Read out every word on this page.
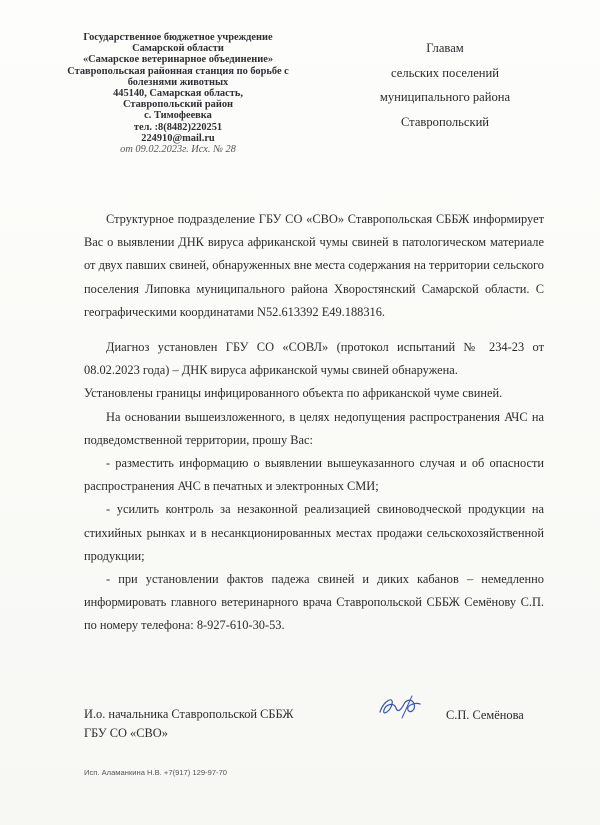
Государственное бюджетное учреждение
Самарской области
«Самарское ветеринарное объединение»
Ставропольская районная станция по борьбе с
болезнями животных
445140, Самарская область,
Ставропольский район
с. Тимофеевка
тел. :8(8482)220251
224910@mail.ru
от 09.02.2023г. Исх. № 28
Главам
сельских поселений
муниципального района
Ставропольский

Структурное подразделение ГБУ СО «СВО» Ставропольская СББЖ информирует Вас о выявлении ДНК вируса африканской чумы свиней в патологическом материале от двух павших свиней, обнаруженных вне места содержания на территории сельского поселения Липовка муниципального района Хворостянский Самарской области. С географическими координатами N52.613392 E49.188316.

Диагноз установлен ГБУ СО «СОВЛ» (протокол испытаний № 234-23 от 08.02.2023 года) – ДНК вируса африканской чумы свиней обнаружена.

Установлены границы инфицированного объекта по африканской чуме свиней.

На основании вышеизложенного, в целях недопущения распространения АЧС на подведомственной территории, прошу Вас:

- разместить информацию о выявлении вышеуказанного случая и об опасности распространения АЧС в печатных и электронных СМИ;

- усилить контроль за незаконной реализацией свиноводческой продукции на стихийных рынках и в несанкционированных местах продажи сельскохозяйственной продукции;

- при установлении фактов падежа свиней и диких кабанов – немедленно информировать главного ветеринарного врача Ставропольской СББЖ Семёнову С.П. по номеру телефона: 8-927-610-30-53.

И.о. начальника Ставропольской СББЖ
ГБУ СО «СВО»
С.П. Семёнова
Исп. Аламанкина Н.В. +7(917) 129-97-70
